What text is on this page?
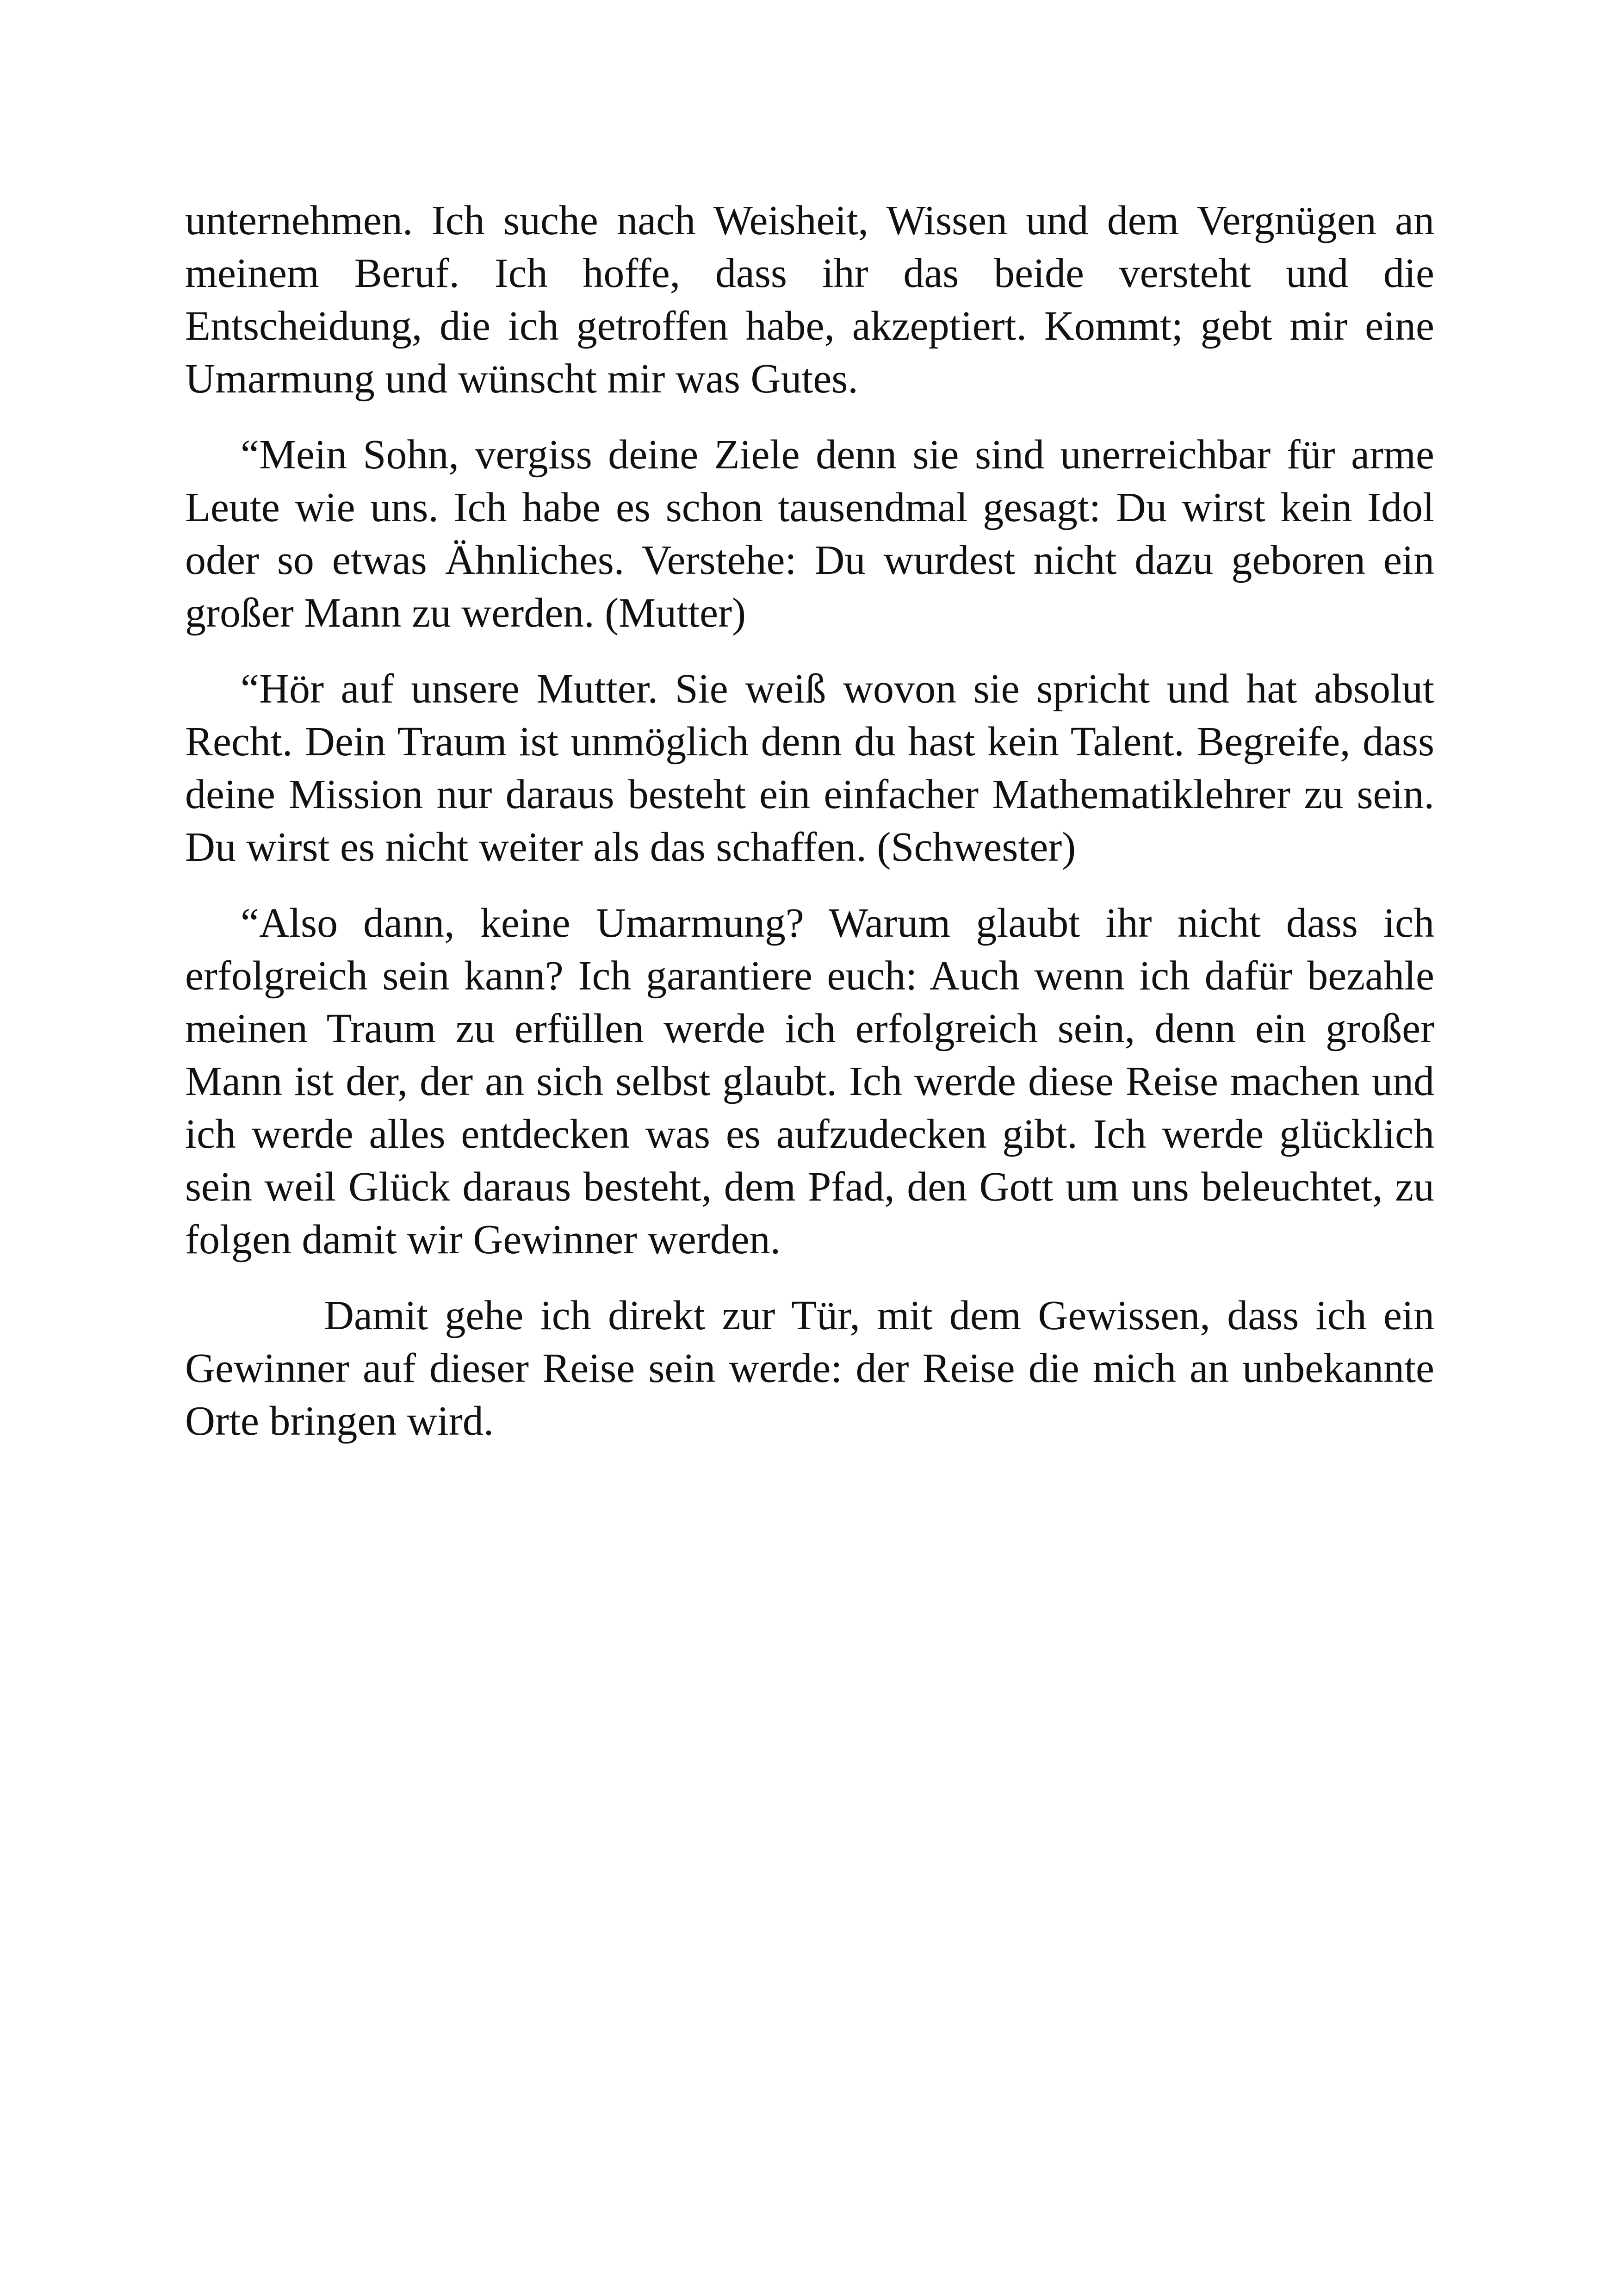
unternehmen. Ich suche nach Weisheit, Wissen und dem Vergnügen an meinem Beruf. Ich hoffe, dass ihr das beide versteht und die Entscheidung, die ich getroffen habe, akzeptiert. Kommt; gebt mir eine Umarmung und wünscht mir was Gutes.

“Mein Sohn, vergiss deine Ziele denn sie sind unerreichbar für arme Leute wie uns. Ich habe es schon tausendmal gesagt: Du wirst kein Idol oder so etwas Ähnliches. Verstehe: Du wurdest nicht dazu geboren ein großer Mann zu werden. (Mutter)

“Hör auf unsere Mutter. Sie weiß wovon sie spricht und hat absolut Recht. Dein Traum ist unmöglich denn du hast kein Talent. Begreife, dass deine Mission nur daraus besteht ein einfacher Mathematiklehrer zu sein. Du wirst es nicht weiter als das schaffen. (Schwester)

“Also dann, keine Umarmung? Warum glaubt ihr nicht dass ich erfolgreich sein kann? Ich garantiere euch: Auch wenn ich dafür bezahle meinen Traum zu erfüllen werde ich erfolgreich sein, denn ein großer Mann ist der, der an sich selbst glaubt. Ich werde diese Reise machen und ich werde alles entdecken was es aufzudecken gibt. Ich werde glücklich sein weil Glück daraus besteht, dem Pfad, den Gott um uns beleuchtet, zu folgen damit wir Gewinner werden.

Damit gehe ich direkt zur Tür, mit dem Gewissen, dass ich ein Gewinner auf dieser Reise sein werde: der Reise die mich an unbekannte Orte bringen wird.
